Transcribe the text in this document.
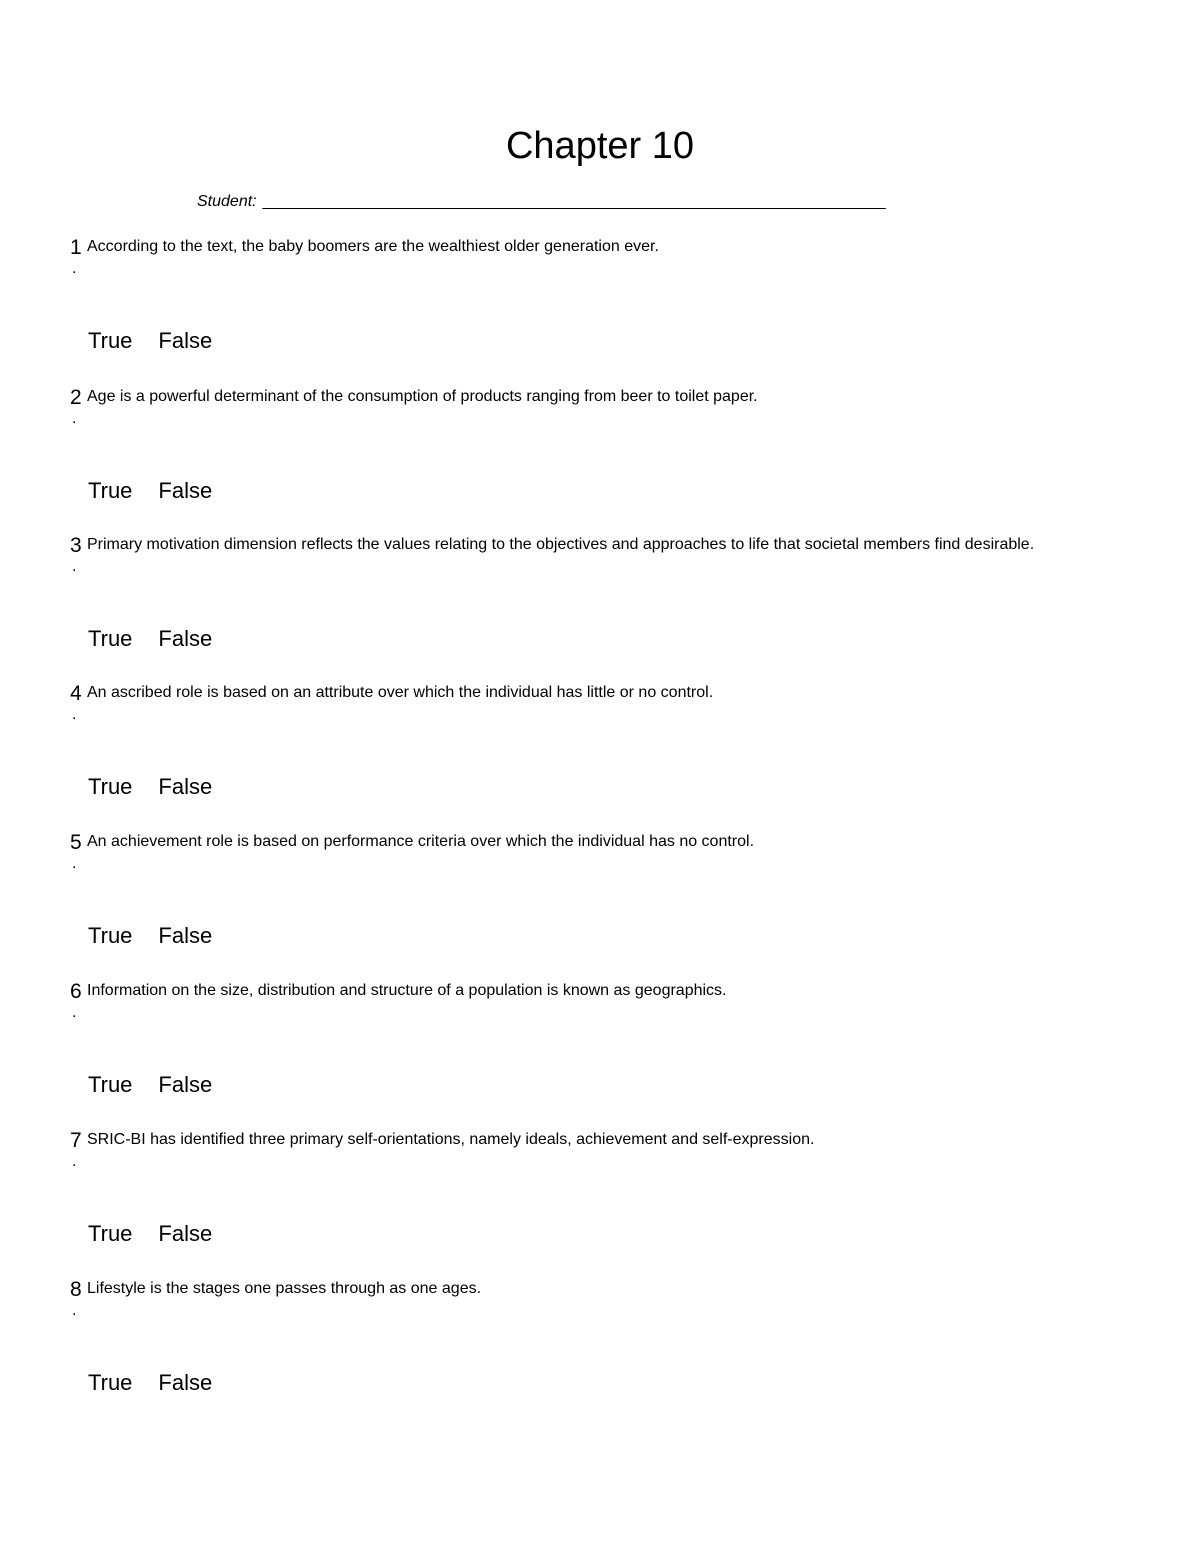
Chapter 10
Student: ___________________________________________________________________________
1 According to the text, the baby boomers are the wealthiest older generation ever.
.
True False
2 Age is a powerful determinant of the consumption of products ranging from beer to toilet paper.
.
True False
3 Primary motivation dimension reflects the values relating to the objectives and approaches to life that societal members find desirable.
.
True False
4 An ascribed role is based on an attribute over which the individual has little or no control.
.
True False
5 An achievement role is based on performance criteria over which the individual has no control.
.
True False
6 Information on the size, distribution and structure of a population is known as geographics.
.
True False
7 SRIC-BI has identified three primary self-orientations, namely ideals, achievement and self-expression.
.
True False
8 Lifestyle is the stages one passes through as one ages.
.
True False
